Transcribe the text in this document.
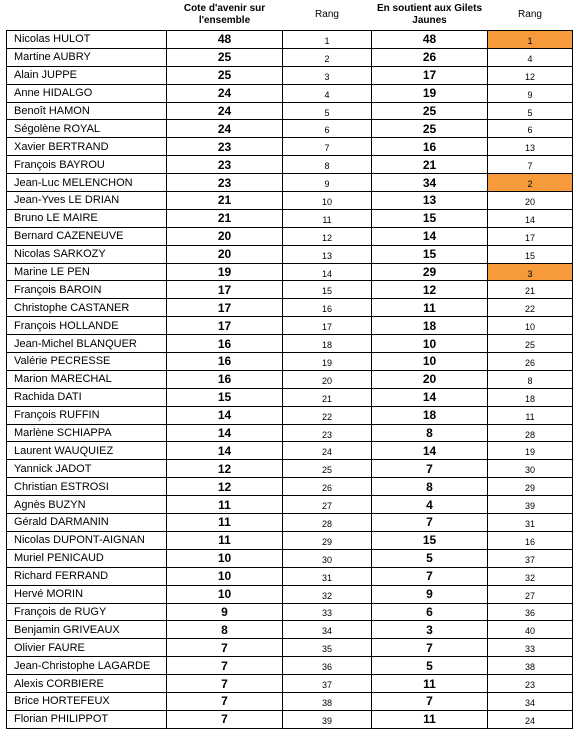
	Cote d'avenir sur l'ensemble	Rang	En soutient aux Gilets Jaunes	Rang
Nicolas HULOT	48	1	48	1
Martine AUBRY	25	2	26	4
Alain JUPPE	25	3	17	12
Anne HIDALGO	24	4	19	9
Benoît HAMON	24	5	25	5
Ségolène ROYAL	24	6	25	6
Xavier BERTRAND	23	7	16	13
François BAYROU	23	8	21	7
Jean-Luc MELENCHON	23	9	34	2
Jean-Yves LE DRIAN	21	10	13	20
Bruno LE MAIRE	21	11	15	14
Bernard CAZENEUVE	20	12	14	17
Nicolas SARKOZY	20	13	15	15
Marine LE PEN	19	14	29	3
François BAROIN	17	15	12	21
Christophe CASTANER	17	16	11	22
François HOLLANDE	17	17	18	10
Jean-Michel BLANQUER	16	18	10	25
Valérie PECRESSE	16	19	10	26
Marion MARECHAL	16	20	20	8
Rachida DATI	15	21	14	18
François RUFFIN	14	22	18	11
Marlène SCHIAPPA	14	23	8	28
Laurent WAUQUIEZ	14	24	14	19
Yannick JADOT	12	25	7	30
Christian ESTROSI	12	26	8	29
Agnès BUZYN	11	27	4	39
Gérald DARMANIN	11	28	7	31
Nicolas DUPONT-AIGNAN	11	29	15	16
Muriel PENICAUD	10	30	5	37
Richard FERRAND	10	31	7	32
Hervé MORIN	10	32	9	27
François de RUGY	9	33	6	36
Benjamin GRIVEAUX	8	34	3	40
Olivier FAURE	7	35	7	33
Jean-Christophe LAGARDE	7	36	5	38
Alexis CORBIERE	7	37	11	23
Brice HORTEFEUX	7	38	7	34
Florian PHILIPPOT	7	39	11	24
